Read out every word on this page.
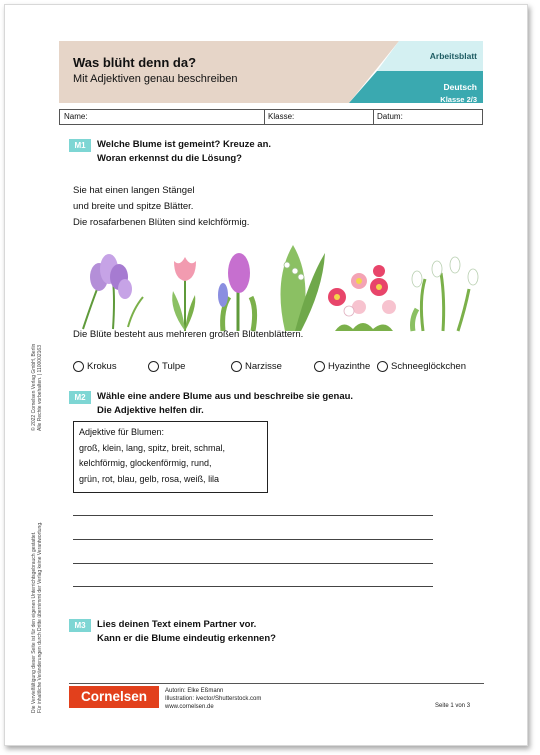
Was blüht denn da?
Mit Adjektiven genau beschreiben
Arbeitsblatt
Deutsch
Klasse 2/3
Name:	Klasse:	Datum:
M1	Welche Blume ist gemeint? Kreuze an.
Woran erkennst du die Lösung?
Sie hat einen langen Stängel
und breite und spitze Blätter.
Die rosafarbenen Blüten sind kelchförmig.
Die Blüte besteht aus mehreren großen Blütenblättern.
Krokus	Tulpe	Narzisse	Hyazinthe Schneeglöckchen
M2	Wähle eine andere Blume aus und beschreibe sie genau.
Die Adjektive helfen dir.
Adjektive für Blumen:
groß, klein, lang, spitz, breit, schmal,
kelchförmig, glockenförmig, rund,
grün, rot, blau, gelb, rosa, weiß, lila
M3	Lies deinen Text einem Partner vor.
Kann er die Blume eindeutig erkennen?
Cornelsen	Autorin: Elke Eßmann
Illustration: ivector/Shutterstock.com
www.cornelsen.de	Seite 1 von 3
© 2022 Cornelsen Verlag GmbH, Berlin Alle Rechte vorbehalten. | 1100002163
Die Vervielfältigung dieser Seite ist für den eigenen Unterrichtsgebrauch gestattet. Für inhaltliche Veränderungen durch Dritte übernimmt der Verlag keine Verantwortung.
